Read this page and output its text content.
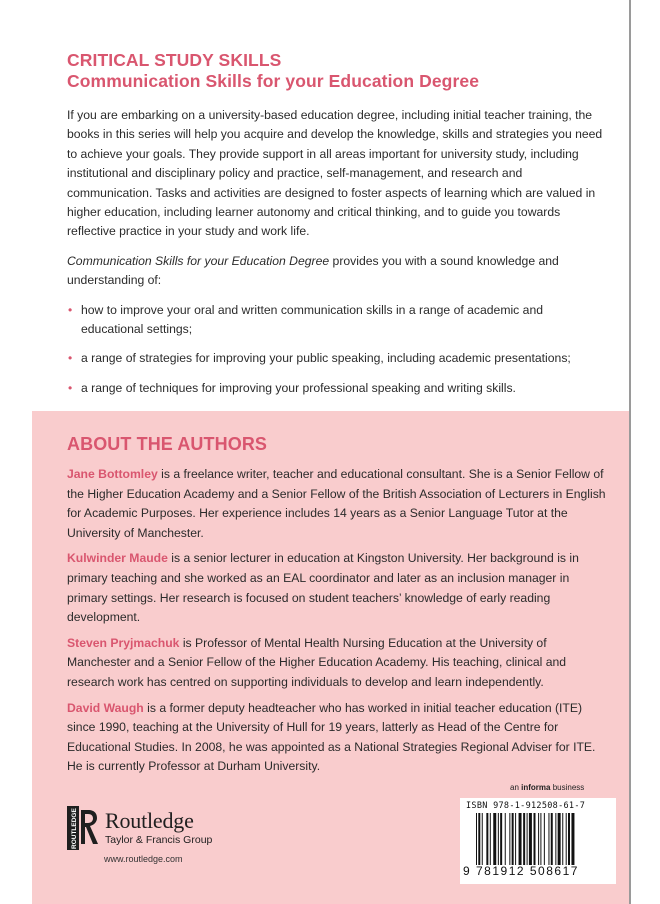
CRITICAL STUDY SKILLS

Communication Skills for your Education Degree

If you are embarking on a university-based education degree, including initial teacher training, the books in this series will help you acquire and develop the knowledge, skills and strategies you need to achieve your goals. They provide support in all areas important for university study, including institutional and disciplinary policy and practice, self-management, and research and communication. Tasks and activities are designed to foster aspects of learning which are valued in higher education, including learner autonomy and critical thinking, and to guide you towards reflective practice in your study and work life.

Communication Skills for your Education Degree provides you with a sound knowledge and understanding of:

• how to improve your oral and written communication skills in a range of academic and educational settings;
• a range of strategies for improving your public speaking, including academic presentations;
• a range of techniques for improving your professional speaking and writing skills.
ABOUT THE AUTHORS

Jane Bottomley is a freelance writer, teacher and educational consultant. She is a Senior Fellow of the Higher Education Academy and a Senior Fellow of the British Association of Lecturers in English for Academic Purposes. Her experience includes 14 years as a Senior Language Tutor at the University of Manchester.

Kulwinder Maude is a senior lecturer in education at Kingston University. Her background is in primary teaching and she worked as an EAL coordinator and later as an inclusion manager in primary settings. Her research is focused on student teachers’ knowledge of early reading development.

Steven Pryjmachuk is Professor of Mental Health Nursing Education at the University of Manchester and a Senior Fellow of the Higher Education Academy. His teaching, clinical and research work has centred on supporting individuals to develop and learn independently.

David Waugh is a former deputy headteacher who has worked in initial teacher education (ITE) since 1990, teaching at the University of Hull for 19 years, latterly as Head of the Centre for Educational Studies. In 2008, he was appointed as a National Strategies Regional Adviser for ITE. He is currently Professor at Durham University.

ROUTLEDGE Routledge
Taylor & Francis Group
www.routledge.com
an informa business
ISBN 978-1-912508-61-7
9 781912 508617
